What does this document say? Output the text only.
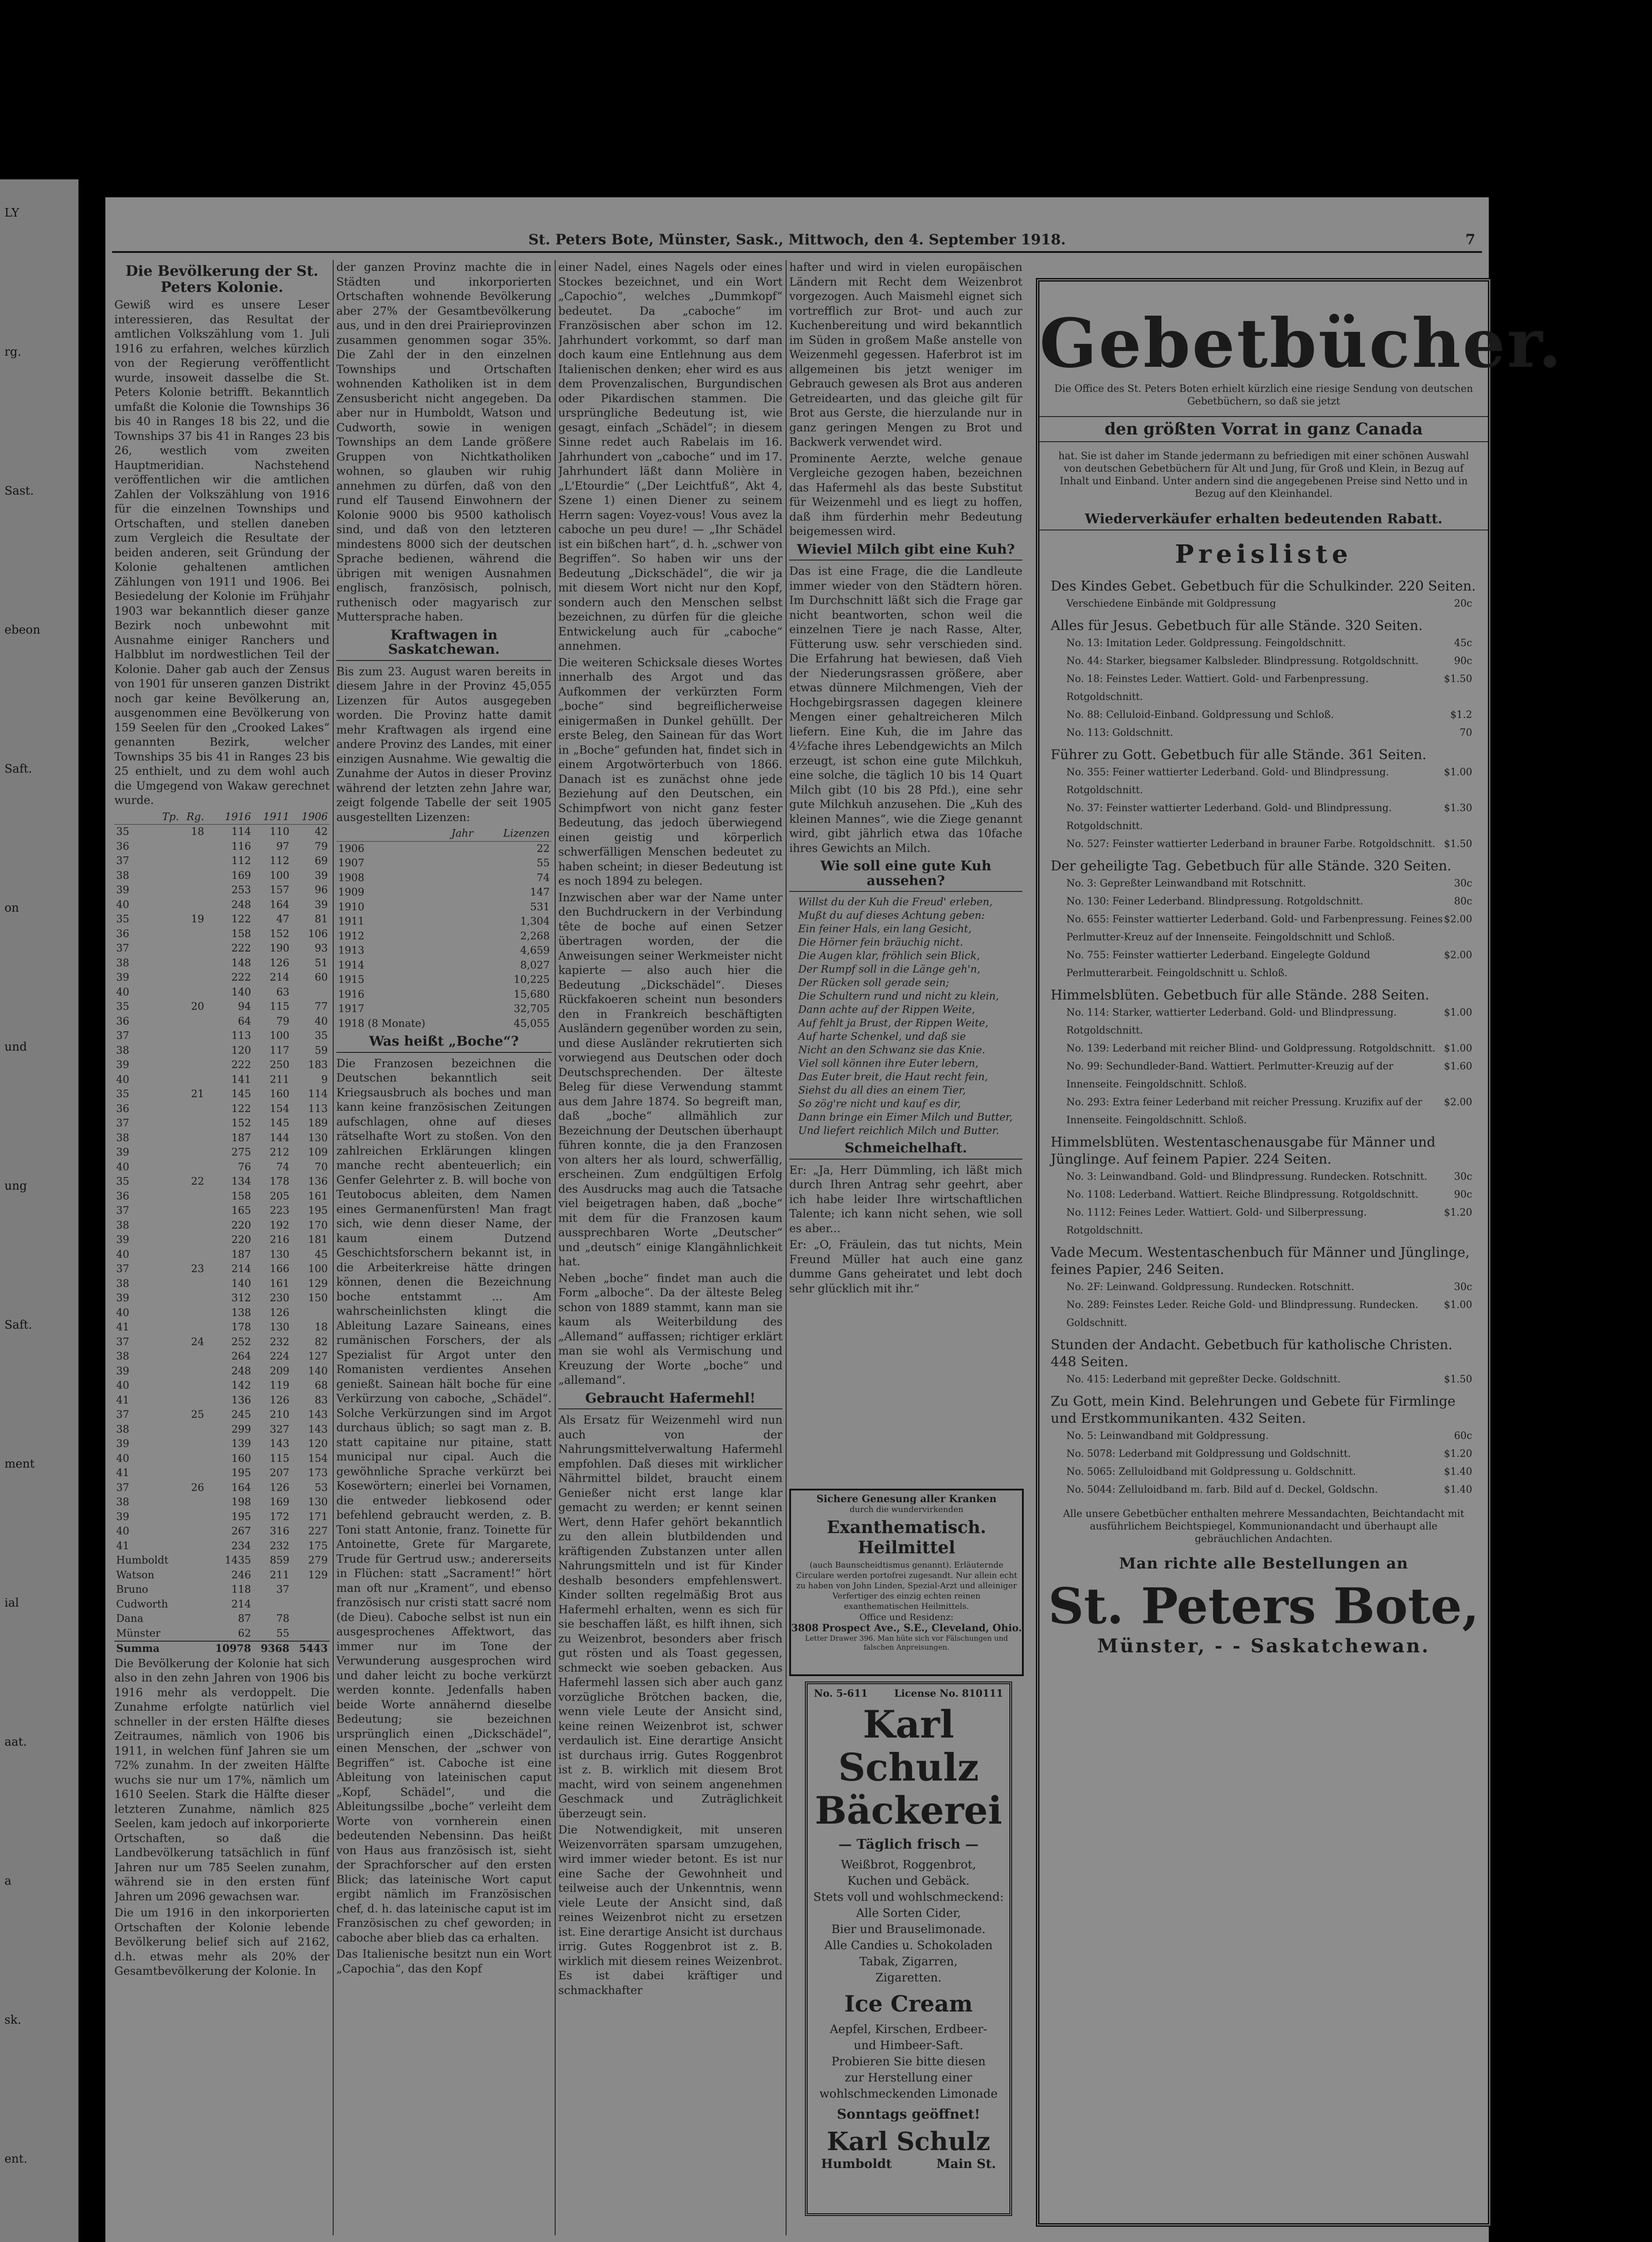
LY
rg.
Sast.
ebeon
Saft.
on
und
ung
Saft.
ment
ial
aat.
a
sk.
ent.
St. Peters Bote, Münster, Sask., Mittwoch, den 4. September 1918.	7
Die Bevölkerung der St. Peters Kolonie.

Gewiß wird es unsere Leser interessieren, das Resultat der amtlichen Volkszählung vom 1. Juli 1916 zu erfahren, welches kürzlich von der Regierung veröffentlicht wurde, insoweit dasselbe die St. Peters Kolonie betrifft. Bekanntlich umfaßt die Kolonie die Townships 36 bis 40 in Ranges 18 bis 22, und die Townships 37 bis 41 in Ranges 23 bis 26, westlich vom zweiten Hauptmeridian. Nachstehend veröffentlichen wir die amtlichen Zahlen der Volkszählung von 1916 für die einzelnen Townships und Ortschaften, und stellen daneben zum Vergleich die Resultate der beiden anderen, seit Gründung der Kolonie gehaltenen amtlichen Zählungen von 1911 und 1906. Bei Besiedelung der Kolonie im Frühjahr 1903 war bekanntlich dieser ganze Bezirk noch unbewohnt mit Ausnahme einiger Ranchers und Halbblut im nordwestlichen Teil der Kolonie. Daher gab auch der Zensus von 1901 für unseren ganzen Distrikt noch gar keine Bevölkerung an, ausgenommen eine Bevölkerung von 159 Seelen für den „Crooked Lakes“ genannten Bezirk, welcher Townships 35 bis 41 in Ranges 23 bis 25 enthielt, und zu dem wohl auch die Umgegend von Wakaw gerechnet wurde.

Tp.	Rg.	1916	1911	1906
35	18	114	110	42
36		116	97	79
37		112	112	69
38		169	100	39
39		253	157	96
40		248	164	39
35	19	122	47	81
36		158	152	106
37		222	190	93
38		148	126	51
39		222	214	60
40		140	63	
35	20	94	115	77
36		64	79	40
37		113	100	35
38		120	117	59
39		222	250	183
40		141	211	9
35	21	145	160	114
36		122	154	113
37		152	145	189
38		187	144	130
39		275	212	109
40		76	74	70
35	22	134	178	136
36		158	205	161
37		165	223	195
38		220	192	170
39		220	216	181
40		187	130	45
37	23	214	166	100
38		140	161	129
39		312	230	150
40		138	126	
41		178	130	18
37	24	252	232	82
38		264	224	127
39		248	209	140
40		142	119	68
41		136	126	83
37	25	245	210	143
38		299	327	143
39		139	143	120
40		160	115	154
41		195	207	173
37	26	164	126	53
38		198	169	130
39		195	172	171
40		267	316	227
41		234	232	175
Humboldt		1435	859	279
Watson		246	211	129
Bruno		118	37	
Cudworth		214		
Dana		87	78	
Münster		62	55	
Summa		10978	9368	5443

Die Bevölkerung der Kolonie hat sich also in den zehn Jahren von 1906 bis 1916 mehr als verdoppelt. Die Zunahme erfolgte natürlich viel schneller in der ersten Hälfte dieses Zeitraumes, nämlich von 1906 bis 1911, in welchen fünf Jahren sie um 72% zunahm. In der zweiten Hälfte wuchs sie nur um 17%, nämlich um 1610 Seelen. Stark die Hälfte dieser letzteren Zunahme, nämlich 825 Seelen, kam jedoch auf inkorporierte Ortschaften, so daß die Landbevölkerung tatsächlich in fünf Jahren nur um 785 Seelen zunahm, während sie in den ersten fünf Jahren um 2096 gewachsen war.

Die um 1916 in den inkorporierten Ortschaften der Kolonie lebende Bevölkerung belief sich auf 2162, d.h. etwas mehr als 20% der Gesamtbevölkerung der Kolonie. In

der ganzen Provinz machte die in Städten und inkorporierten Ortschaften wohnende Bevölkerung aber 27% der Gesamtbevölkerung aus, und in den drei Prairieprovinzen zusammen genommen sogar 35%. Die Zahl der in den einzelnen Townships und Ortschaften wohnenden Katholiken ist in dem Zensusbericht nicht angegeben. Da aber nur in Humboldt, Watson und Cudworth, sowie in wenigen Townships an dem Lande größere Gruppen von Nichtkatholiken wohnen, so glauben wir ruhig annehmen zu dürfen, daß von den rund elf Tausend Einwohnern der Kolonie 9000 bis 9500 katholisch sind, und daß von den letzteren mindestens 8000 sich der deutschen Sprache bedienen, während die übrigen mit wenigen Ausnahmen englisch, französisch, polnisch, ruthenisch oder magyarisch zur Muttersprache haben.

Kraftwagen in Saskatchewan.

Bis zum 23. August waren bereits in diesem Jahre in der Provinz 45,055 Lizenzen für Autos ausgegeben worden. Die Provinz hatte damit mehr Kraftwagen als irgend eine andere Provinz des Landes, mit einer einzigen Ausnahme. Wie gewaltig die Zunahme der Autos in dieser Provinz während der letzten zehn Jahre war, zeigt folgende Tabelle der seit 1905 ausgestellten Lizenzen:

Jahr	Lizenzen
1906	22
1907	55
1908	74
1909	147
1910	531
1911	1,304
1912	2,268
1913	4,659
1914	8,027
1915	10,225
1916	15,680
1917	32,705
1918 (8 Monate)	45,055
Was heißt „Boche“?

Die Franzosen bezeichnen die Deutschen bekanntlich seit Kriegsausbruch als boches und man kann keine französischen Zeitungen aufschlagen, ohne auf dieses rätselhafte Wort zu stoßen. Von den zahlreichen Erklärungen klingen manche recht abenteuerlich; ein Genfer Gelehrter z. B. will boche von Teutobocus ableiten, dem Namen eines Germanenfürsten! Man fragt sich, wie denn dieser Name, der kaum einem Dutzend Geschichtsforschern bekannt ist, in die Arbeiterkreise hätte dringen können, denen die Bezeichnung boche entstammt ... Am wahrscheinlichsten klingt die Ableitung Lazare Saineans, eines rumänischen Forschers, der als Spezialist für Argot unter den Romanisten verdientes Ansehen genießt. Sainean hält boche für eine Verkürzung von caboche, „Schädel“. Solche Verkürzungen sind im Argot durchaus üblich; so sagt man z. B. statt capitaine nur pitaine, statt municipal nur cipal. Auch die gewöhnliche Sprache verkürzt bei Kosewörtern; einerlei bei Vornamen, die entweder liebkosend oder befehlend gebraucht werden, z. B. Toni statt Antonie, franz. Toinette für Antoinette, Grete für Margarete, Trude für Gertrud usw.; andererseits in Flüchen: statt „Sacrament!“ hört man oft nur „Krament“, und ebenso französisch nur cristi statt sacré nom (de Dieu). Caboche selbst ist nun ein ausgesprochenes Affektwort, das immer nur im Tone der Verwunderung ausgesprochen wird und daher leicht zu boche verkürzt werden konnte. Jedenfalls haben beide Worte annähernd dieselbe Bedeutung; sie bezeichnen ursprünglich einen „Dickschädel“, einen Menschen, der „schwer von Begriffen“ ist. Caboche ist eine Ableitung von lateinischen caput „Kopf, Schädel“, und die Ableitungssilbe „boche“ verleiht dem Worte von vornherein einen bedeutenden Nebensinn. Das heißt von Haus aus französisch ist, sieht der Sprachforscher auf den ersten Blick; das lateinische Wort caput ergibt nämlich im Französischen chef, d. h. das lateinische caput ist im Französischen zu chef geworden; in caboche aber blieb das ca erhalten.

Das Italienische besitzt nun ein Wort „Capochia“, das den Kopf

einer Nadel, eines Nagels oder eines Stockes bezeichnet, und ein Wort „Capochio“, welches „Dummkopf“ bedeutet. Da „caboche“ im Französischen aber schon im 12. Jahrhundert vorkommt, so darf man doch kaum eine Entlehnung aus dem Italienischen denken; eher wird es aus dem Provenzalischen, Burgundischen oder Pikardischen stammen. Die ursprüngliche Bedeutung ist, wie gesagt, einfach „Schädel“; in diesem Sinne redet auch Rabelais im 16. Jahrhundert von „caboche“ und im 17. Jahrhundert läßt dann Molière in „L'Etourdie“ („Der Leichtfuß“, Akt 4, Szene 1) einen Diener zu seinem Herrn sagen: Voyez-vous! Vous avez la caboche un peu dure! — „Ihr Schädel ist ein bißchen hart“, d. h. „schwer von Begriffen“. So haben wir uns der Bedeutung „Dickschädel“, die wir ja mit diesem Wort nicht nur den Kopf, sondern auch den Menschen selbst bezeichnen, zu dürfen für die gleiche Entwickelung auch für „caboche“ annehmen.

Die weiteren Schicksale dieses Wortes innerhalb des Argot und das Aufkommen der verkürzten Form „boche“ sind begreiflicherweise einigermaßen in Dunkel gehüllt. Der erste Beleg, den Sainean für das Wort in „Boche“ gefunden hat, findet sich in einem Argotwörterbuch von 1866. Danach ist es zunächst ohne jede Beziehung auf den Deutschen, ein Schimpfwort von nicht ganz fester Bedeutung, das jedoch überwiegend einen geistig und körperlich schwerfälligen Menschen bedeutet zu haben scheint; in dieser Bedeutung ist es noch 1894 zu belegen.

Inzwischen aber war der Name unter den Buchdruckern in der Verbindung tête de boche auf einen Setzer übertragen worden, der die Anweisungen seiner Werkmeister nicht kapierte — also auch hier die Bedeutung „Dickschädel“. Dieses Rückfakoeren scheint nun besonders den in Frankreich beschäftigten Ausländern gegenüber worden zu sein, und diese Ausländer rekrutierten sich vorwiegend aus Deutschen oder doch Deutschsprechenden. Der älteste Beleg für diese Verwendung stammt aus dem Jahre 1874. So begreift man, daß „boche“ allmählich zur Bezeichnung der Deutschen überhaupt führen konnte, die ja den Franzosen von alters her als lourd, schwerfällig, erscheinen. Zum endgültigen Erfolg des Ausdrucks mag auch die Tatsache viel beigetragen haben, daß „boche“ mit dem für die Franzosen kaum aussprechbaren Worte „Deutscher“ und „deutsch“ einige Klangähnlichkeit hat.

Neben „boche“ findet man auch die Form „alboche“. Da der älteste Beleg schon von 1889 stammt, kann man sie kaum als Weiterbildung des „Allemand“ auffassen; richtiger erklärt man sie wohl als Vermischung und Kreuzung der Worte „boche“ und „allemand“.

Gebraucht Hafermehl!

Als Ersatz für Weizenmehl wird nun auch von der Nahrungsmittelverwaltung Hafermehl empfohlen. Daß dieses mit wirklicher Nährmittel bildet, braucht einem Genießer nicht erst lange klar gemacht zu werden; er kennt seinen Wert, denn Hafer gehört bekanntlich zu den allein blutbildenden und kräftigenden Zubstanzen unter allen Nahrungsmitteln und ist für Kinder deshalb besonders empfehlenswert. Kinder sollten regelmäßig Brot aus Hafermehl erhalten, wenn es sich für sie beschaffen läßt, es hilft ihnen, sich zu Weizenbrot, besonders aber frisch gut rösten und als Toast gegessen, schmeckt wie soeben gebacken. Aus Hafermehl lassen sich aber auch ganz vorzügliche Brötchen backen, die, wenn viele Leute der Ansicht sind, keine reinen Weizenbrot ist, schwer verdaulich ist. Eine derartige Ansicht ist durchaus irrig. Gutes Roggenbrot ist z. B. wirklich mit diesem Brot macht, wird von seinem angenehmen Geschmack und Zuträglichkeit überzeugt sein.

Die Notwendigkeit, mit unseren Weizenvorräten sparsam umzugehen, wird immer wieder betont. Es ist nur eine Sache der Gewohnheit und teilweise auch der Unkenntnis, wenn viele Leute der Ansicht sind, daß reines Weizenbrot nicht zu ersetzen ist. Eine derartige Ansicht ist durchaus irrig. Gutes Roggenbrot ist z. B. wirklich mit diesem reines Weizenbrot. Es ist dabei kräftiger und schmackhafter

hafter und wird in vielen europäischen Ländern mit Recht dem Weizenbrot vorgezogen. Auch Maismehl eignet sich vortrefflich zur Brot- und auch zur Kuchenbereitung und wird bekanntlich im Süden in großem Maße anstelle von Weizenmehl gegessen. Haferbrot ist im allgemeinen bis jetzt weniger im Gebrauch gewesen als Brot aus anderen Getreidearten, und das gleiche gilt für Brot aus Gerste, die hierzulande nur in ganz geringen Mengen zu Brot und Backwerk verwendet wird.

Prominente Aerzte, welche genaue Vergleiche gezogen haben, bezeichnen das Hafermehl als das beste Substitut für Weizenmehl und es liegt zu hoffen, daß ihm fürderhin mehr Bedeutung beigemessen wird.

Wieviel Milch gibt eine Kuh?

Das ist eine Frage, die die Landleute immer wieder von den Städtern hören. Im Durchschnitt läßt sich die Frage gar nicht beantworten, schon weil die einzelnen Tiere je nach Rasse, Alter, Fütterung usw. sehr verschieden sind. Die Erfahrung hat bewiesen, daß Vieh der Niederungsrassen größere, aber etwas dünnere Milchmengen, Vieh der Hochgebirgsrassen dagegen kleinere Mengen einer gehaltreicheren Milch liefern. Eine Kuh, die im Jahre das 4½fache ihres Lebendgewichts an Milch erzeugt, ist schon eine gute Milchkuh, eine solche, die täglich 10 bis 14 Quart Milch gibt (10 bis 28 Pfd.), eine sehr gute Milchkuh anzusehen. Die „Kuh des kleinen Mannes“, wie die Ziege genannt wird, gibt jährlich etwa das 10fache ihres Gewichts an Milch.

Wie soll eine gute Kuh aussehen?
Willst du der Kuh die Freud' erleben,
Mußt du auf dieses Achtung geben:
Ein feiner Hals, ein lang Gesicht,
Die Hörner fein bräuchig nicht.
Die Augen klar, fröhlich sein Blick,
Der Rumpf soll in die Länge geh'n,
Der Rücken soll gerade sein;
Die Schultern rund und nicht zu klein,
Dann achte auf der Rippen Weite,
Auf fehlt ja Brust, der Rippen Weite,
Auf harte Schenkel, und daß sie
Nicht an den Schwanz sie das Knie.
Viel soll können ihre Euter lebern,
Das Euter breit, die Haut recht fein,
Siehst du all dies an einem Tier,
So zög're nicht und kauf es dir,
Dann bringe ein Eimer Milch und Butter,
Und liefert reichlich Milch und Butter.
Schmeichelhaft.

Er: „Ja, Herr Dümmling, ich läßt mich durch Ihren Antrag sehr geehrt, aber ich habe leider Ihre wirtschaftlichen Talente; ich kann nicht sehen, wie soll es aber...

Er: „O, Fräulein, das tut nichts, Mein Freund Müller hat auch eine ganz dumme Gans geheiratet und lebt doch sehr glücklich mit ihr.“

Sichere Genesung aller Kranken
durch die wundervirkenden
Exanthematisch. Heilmittel
(auch Baunscheidtismus genannt). Erläuternde Circulare werden portofrei zugesandt. Nur allein echt zu haben von John Linden, Spezial-Arzt und alleiniger Verfertiger des einzig echten reinen exanthematischen Heilmittels.
Office und Residenz:
3808 Prospect Ave., S.E., Cleveland, Ohio.
Letter Drawer 396. Man hüte sich vor Fälschungen und falschen Anpreisungen.
No. 5-611	License No. 810111
Karl Schulz
Bäckerei
— Täglich frisch —
Weißbrot, Roggenbrot,
Kuchen und Gebäck.
Stets voll und wohlschmeckend:
Alle Sorten Cider,
Bier und Brauselimonade.
Alle Candies u. Schokoladen
Tabak, Zigarren,
Zigaretten.
Ice Cream
Aepfel, Kirschen, Erdbeer-
und Himbeer-Saft.
Probieren Sie bitte diesen
zur Herstellung einer
wohlschmeckenden Limonade
Sonntags geöffnet!
Karl Schulz
Humboldt	Main St.
Gebetbücher.
Die Office des St. Peters Boten erhielt kürzlich eine riesige Sendung von deutschen Gebetbüchern, so daß sie jetzt
den größten Vorrat in ganz Canada
hat. Sie ist daher im Stande jedermann zu befriedigen mit einer schönen Auswahl von deutschen Gebetbüchern für Alt und Jung, für Groß und Klein, in Bezug auf Inhalt und Einband. Unter andern sind die angegebenen Preise sind Netto und in Bezug auf den Kleinhandel.
Wiederverkäufer erhalten bedeutenden Rabatt.
Preisliste
Des Kindes Gebet. Gebetbuch für die Schulkinder. 220 Seiten.
Verschiedene Einbände mit Goldpressung	20c
Alles für Jesus. Gebetbuch für alle Stände. 320 Seiten.
No. 13: Imitation Leder. Goldpressung. Feingoldschnitt.	45c
No. 44: Starker, biegsamer Kalbsleder. Blindpressung. Rotgoldschnitt.	90c
No. 18: Feinstes Leder. Wattiert. Gold- und Farbenpressung. Rotgoldschnitt.
$1.50
No. 88: Celluloid-Einband. Goldpressung und Schloß.	$1.2
No. 113: Goldschnitt.	70
Führer zu Gott. Gebetbuch für alle Stände. 361 Seiten.
No. 355: Feiner wattierter Lederband. Gold- und Blindpressung. Rotgoldschnitt.
$1.00
No. 37: Feinster wattierter Lederband. Gold- und Blindpressung. Rotgoldschnitt.
$1.30
No. 527: Feinster wattierter Lederband in brauner Farbe. Rotgoldschnitt. $1.50
Der geheiligte Tag. Gebetbuch für alle Stände. 320 Seiten.
No. 3: Gepreßter Leinwandband mit Rotschnitt.	30c
No. 130: Feiner Lederband. Blindpressung. Rotgoldschnitt.	80c
No. 655: Feinster wattierter Lederband. Gold- und Farbenpressung. Feines Perlmutter-Kreuz auf der Innenseite. Feingoldschnitt und Schloß.
$2.00
No. 755: Feinster wattierter Lederband. Eingelegte Goldund Perlmutterarbeit. Feingoldschnitt u. Schloß.
$2.00
Himmelsblüten. Gebetbuch für alle Stände. 288 Seiten.
No. 114: Starker, wattierter Lederband. Gold- und Blindpressung. Rotgoldschnitt.
$1.00
No. 139: Lederband mit reicher Blind- und Goldpressung. Rotgoldschnitt. $1.00
No. 99: Sechundleder-Band. Wattiert. Perlmutter-Kreuzig auf der Innenseite. Feingoldschnitt. Schloß.
$1.60
No. 293: Extra feiner Lederband mit reicher Pressung. Kruzifix auf der Innenseite. Feingoldschnitt. Schloß.
$2.00
Himmelsblüten. Westentaschenausgabe für Männer und Jünglinge. Auf feinem Papier. 224 Seiten.
No. 3: Leinwandband. Gold- und Blindpressung. Rundecken. Rotschnitt.	30c
No. 1108: Lederband. Wattiert. Reiche Blindpressung. Rotgoldschnitt.	90c
No. 1112: Feines Leder. Wattiert. Gold- und Silberpressung. Rotgoldschnitt.
$1.20
Vade Mecum. Westentaschenbuch für Männer und Jünglinge, feines Papier, 246 Seiten.
No. 2F: Leinwand. Goldpressung. Rundecken. Rotschnitt.	30c
No. 289: Feinstes Leder. Reiche Gold- und Blindpressung. Rundecken. Goldschnitt.
$1.00
Stunden der Andacht. Gebetbuch für katholische Christen. 448 Seiten.
No. 415: Lederband mit gepreßter Decke. Goldschnitt.	$1.50
Zu Gott, mein Kind. Belehrungen und Gebete für Firmlinge und Erstkommunikanten. 432 Seiten.
No. 5: Leinwandband mit Goldpressung.	60c
No. 5078: Lederband mit Goldpressung und Goldschnitt.	$1.20
No. 5065: Zelluloidband mit Goldpressung u. Goldschnitt.	$1.40
No. 5044: Zelluloidband m. farb. Bild auf d. Deckel, Goldschn.	$1.40
Alle unsere Gebetbücher enthalten mehrere Messandachten, Beichtandacht mit ausführlichem Beichtspiegel, Kommunionandacht und überhaupt alle gebräuchlichen Andachten.
Man richte alle Bestellungen an
St. Peters Bote,
Münster, - - Saskatchewan.
